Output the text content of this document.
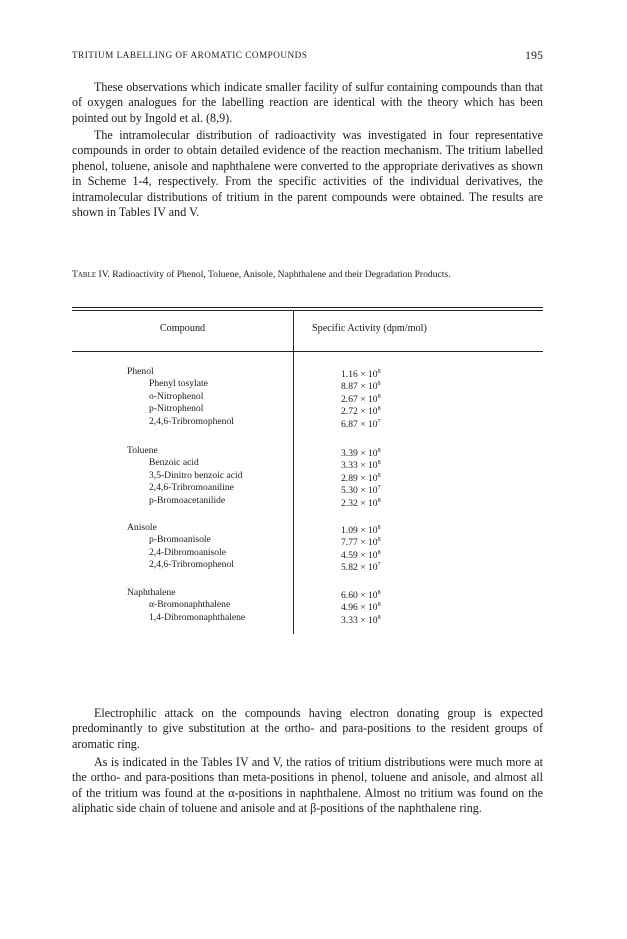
TRITIUM LABELLING OF AROMATIC COMPOUNDS	195

These observations which indicate smaller facility of sulfur containing compounds than that of oxygen analogues for the labelling reaction are identical with the theory which has been pointed out by Ingold et al. (8,9).

The intramolecular distribution of radioactivity was investigated in four representative compounds in order to obtain detailed evidence of the reaction mechanism. The tritium labelled phenol, toluene, anisole and naphthalene were converted to the appropriate derivatives as shown in Scheme 1-4, respectively. From the specific activities of the individual derivatives, the intramolecular distributions of tritium in the parent compounds were obtained. The results are shown in Tables IV and V.

Table IV. Radioactivity of Phenol, Toluene, Anisole, Naphthalene and their Degradation Products.

Compound	Specific Activity (dpm/mol)
Phenol	$1.16 \times 10^8$
Phenyl tosylate	$8.87 \times 10^8$
o-Nitrophenol	$2.67 \times 10^8$
p-Nitrophenol	$2.72 \times 10^8$
2,4,6-Tribromophenol	$6.87 \times 10^7$
Toluene	$3.39 \times 10^8$
Benzoic acid	$3.33 \times 10^8$
3,5-Dinitro benzoic acid	$2.89 \times 10^8$
2,4,6-Tribromoaniline	$5.30 \times 10^7$
p-Bromoacetanilide	$2.32 \times 10^8$
Anisole	$1.09 \times 10^8$
p-Bromoanisole	$7.77 \times 10^8$
2,4-Dibromoanisole	$4.59 \times 10^8$
2,4,6-Tribromophenol	$5.82 \times 10^7$
Naphthalene	$6.60 \times 10^8$
α-Bromonaphthalene	$4.96 \times 10^8$
1,4-Dibromonaphthalene	$3.33 \times 10^8$

Electrophilic attack on the compounds having electron donating group is expected predominantly to give substitution at the ortho- and para-positions to the resident groups of aromatic ring.

As is indicated in the Tables IV and V, the ratios of tritium distributions were much more at the ortho- and para-positions than meta-positions in phenol, toluene and anisole, and almost all of the tritium was found at the α-positions in naphthalene. Almost no tritium was found on the aliphatic side chain of toluene and anisole and at β-positions of the naphthalene ring.
